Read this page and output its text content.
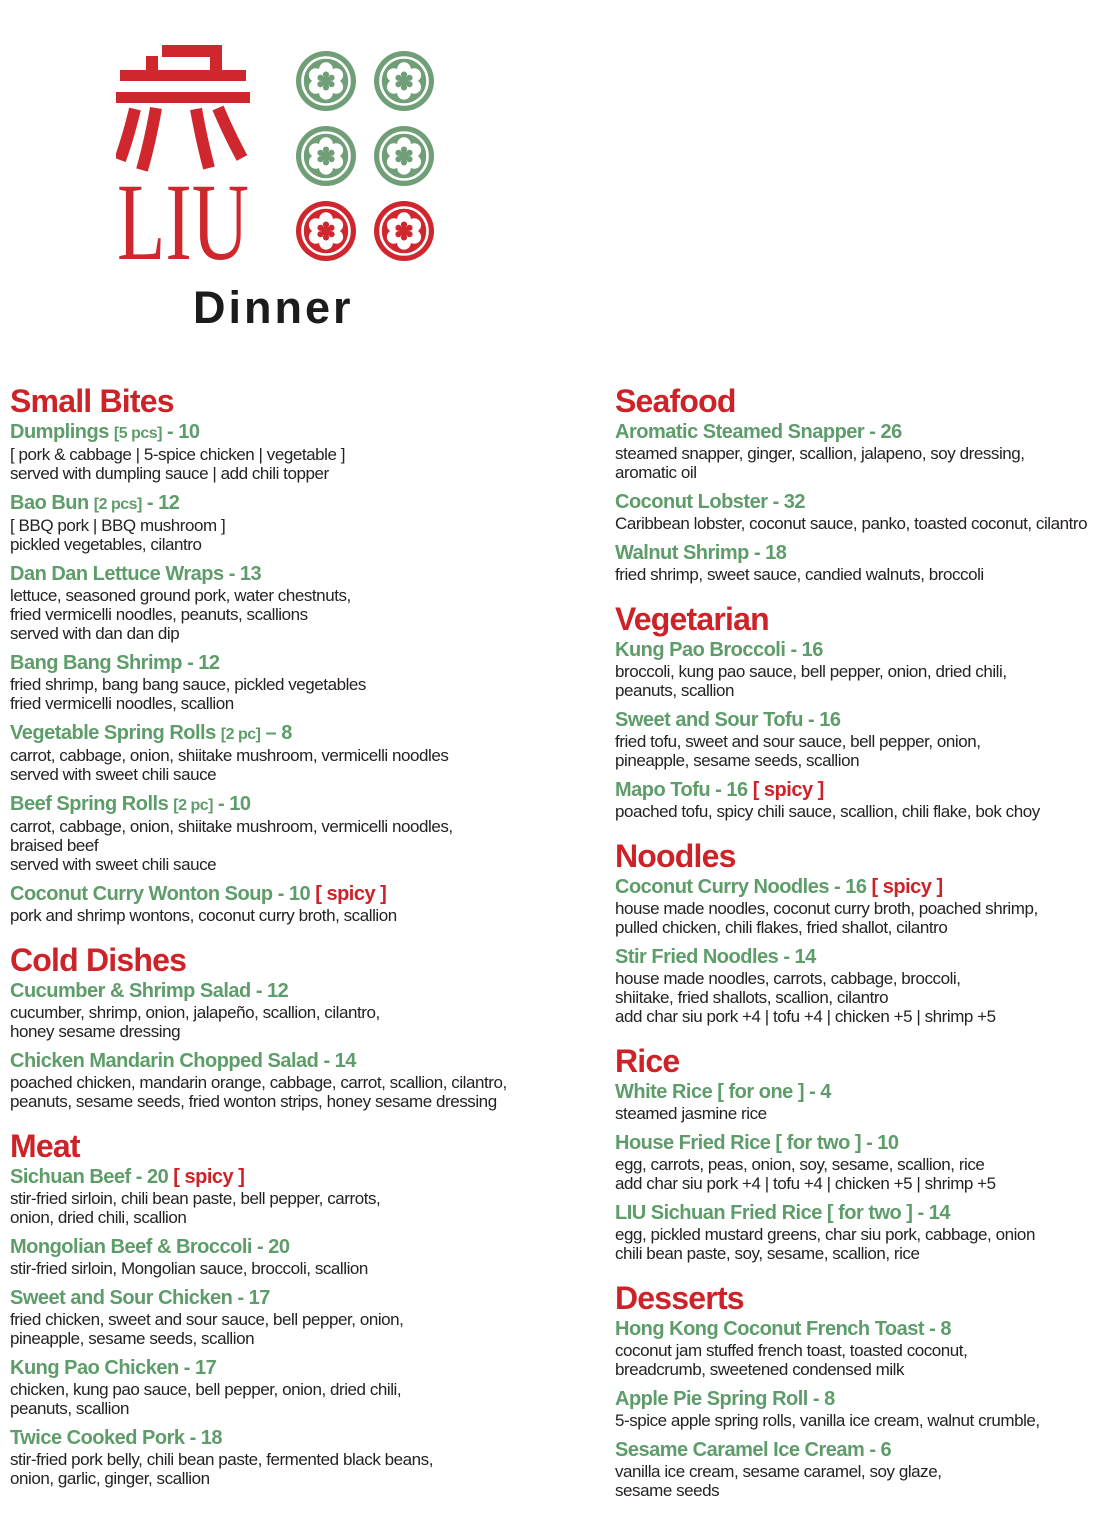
LIU
Dinner
Small Bites
Dumplings [5 pcs] - 10
[ pork & cabbage | 5-spice chicken | vegetable ]
served with dumpling sauce | add chili topper
Bao Bun [2 pcs] - 12
[ BBQ pork | BBQ mushroom ]
pickled vegetables, cilantro
Dan Dan Lettuce Wraps - 13
lettuce, seasoned ground pork, water chestnuts,
fried vermicelli noodles, peanuts, scallions
served with dan dan dip
Bang Bang Shrimp - 12
fried shrimp, bang bang sauce, pickled vegetables
fried vermicelli noodles, scallion
Vegetable Spring Rolls [2 pc] – 8
carrot, cabbage, onion, shiitake mushroom, vermicelli noodles
served with sweet chili sauce
Beef Spring Rolls [2 pc] - 10
carrot, cabbage, onion, shiitake mushroom, vermicelli noodles,
braised beef
served with sweet chili sauce
Coconut Curry Wonton Soup - 10 [ spicy ]
pork and shrimp wontons, coconut curry broth, scallion
Cold Dishes
Cucumber & Shrimp Salad - 12
cucumber, shrimp, onion, jalapeño, scallion, cilantro,
honey sesame dressing
Chicken Mandarin Chopped Salad - 14
poached chicken, mandarin orange, cabbage, carrot, scallion, cilantro,
peanuts, sesame seeds, fried wonton strips, honey sesame dressing
Meat
Sichuan Beef - 20 [ spicy ]
stir-fried sirloin, chili bean paste, bell pepper, carrots,
onion, dried chili, scallion
Mongolian Beef & Broccoli - 20
stir-fried sirloin, Mongolian sauce, broccoli, scallion
Sweet and Sour Chicken - 17
fried chicken, sweet and sour sauce, bell pepper, onion,
pineapple, sesame seeds, scallion
Kung Pao Chicken - 17
chicken, kung pao sauce, bell pepper, onion, dried chili,
peanuts, scallion
Twice Cooked Pork - 18
stir-fried pork belly, chili bean paste, fermented black beans,
onion, garlic, ginger, scallion
Seafood
Aromatic Steamed Snapper - 26
steamed snapper, ginger, scallion, jalapeno, soy dressing,
aromatic oil
Coconut Lobster - 32
Caribbean lobster, coconut sauce, panko, toasted coconut, cilantro
Walnut Shrimp - 18
fried shrimp, sweet sauce, candied walnuts, broccoli
Vegetarian
Kung Pao Broccoli - 16
broccoli, kung pao sauce, bell pepper, onion, dried chili,
peanuts, scallion
Sweet and Sour Tofu - 16
fried tofu, sweet and sour sauce, bell pepper, onion,
pineapple, sesame seeds, scallion
Mapo Tofu - 16 [ spicy ]
poached tofu, spicy chili sauce, scallion, chili flake, bok choy
Noodles
Coconut Curry Noodles - 16 [ spicy ]
house made noodles, coconut curry broth, poached shrimp,
pulled chicken, chili flakes, fried shallot, cilantro
Stir Fried Noodles - 14
house made noodles, carrots, cabbage, broccoli,
shiitake, fried shallots, scallion, cilantro
add char siu pork +4 | tofu +4 | chicken +5 | shrimp +5
Rice
White Rice [ for one ] - 4
steamed jasmine rice
House Fried Rice [ for two ] - 10
egg, carrots, peas, onion, soy, sesame, scallion, rice
add char siu pork +4 | tofu +4 | chicken +5 | shrimp +5
LIU Sichuan Fried Rice [ for two ] - 14
egg, pickled mustard greens, char siu pork, cabbage, onion
chili bean paste, soy, sesame, scallion, rice
Desserts
Hong Kong Coconut French Toast - 8
coconut jam stuffed french toast, toasted coconut,
breadcrumb, sweetened condensed milk
Apple Pie Spring Roll - 8
5-spice apple spring rolls, vanilla ice cream, walnut crumble,
Sesame Caramel Ice Cream - 6
vanilla ice cream, sesame caramel, soy glaze,
sesame seeds
